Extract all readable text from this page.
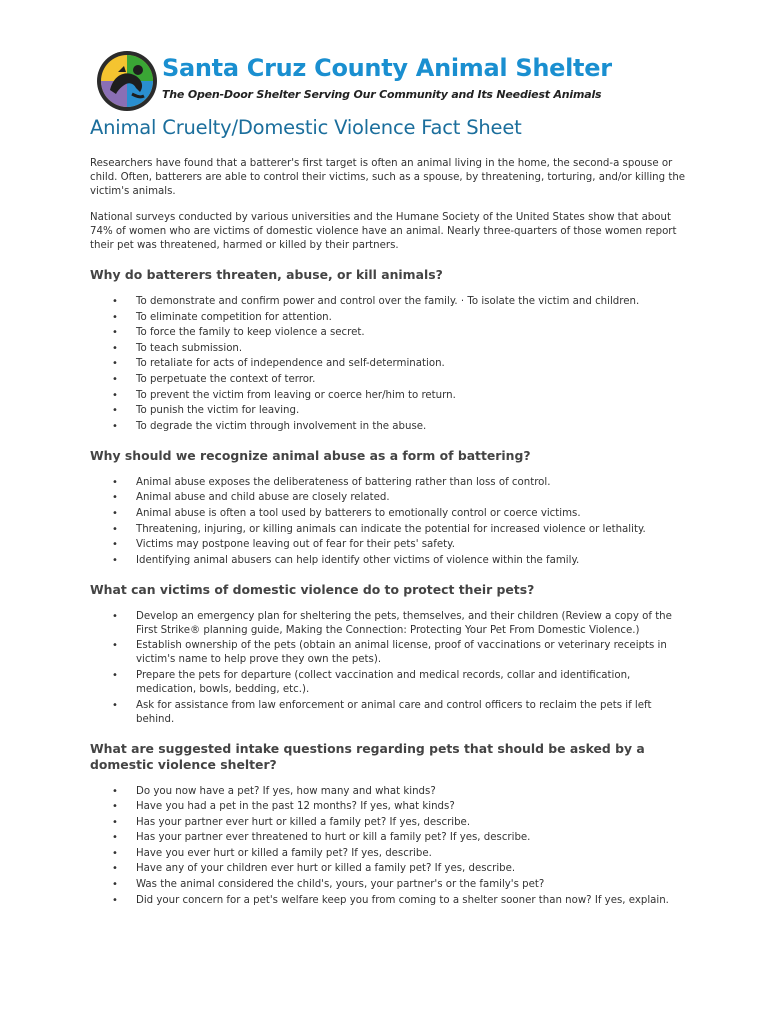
Santa Cruz County Animal Shelter
The Open-Door Shelter Serving Our Community and Its Neediest Animals
Animal Cruelty/Domestic Violence Fact Sheet

Researchers have found that a batterer's first target is often an animal living in the home, the second-a spouse or child. Often, batterers are able to control their victims, such as a spouse, by threatening, torturing, and/or killing the victim's animals.

National surveys conducted by various universities and the Humane Society of the United States show that about 74% of women who are victims of domestic violence have an animal. Nearly three-quarters of those women report their pet was threatened, harmed or killed by their partners.

Why do batterers threaten, abuse, or kill animals?
• To demonstrate and confirm power and control over the family. · To isolate the victim and children.
• To eliminate competition for attention.
• To force the family to keep violence a secret.
• To teach submission.
• To retaliate for acts of independence and self-determination.
• To perpetuate the context of terror.
• To prevent the victim from leaving or coerce her/him to return.
• To punish the victim for leaving.
• To degrade the victim through involvement in the abuse.
Why should we recognize animal abuse as a form of battering?
• Animal abuse exposes the deliberateness of battering rather than loss of control.
• Animal abuse and child abuse are closely related.
• Animal abuse is often a tool used by batterers to emotionally control or coerce victims.
• Threatening, injuring, or killing animals can indicate the potential for increased violence or lethality.
• Victims may postpone leaving out of fear for their pets' safety.
• Identifying animal abusers can help identify other victims of violence within the family.
What can victims of domestic violence do to protect their pets?
• Develop an emergency plan for sheltering the pets, themselves, and their children (Review a copy of the First Strike® planning guide, Making the Connection: Protecting Your Pet From Domestic Violence.)
• Establish ownership of the pets (obtain an animal license, proof of vaccinations or veterinary receipts in victim's name to help prove they own the pets).
• Prepare the pets for departure (collect vaccination and medical records, collar and identification, medication, bowls, bedding, etc.).
• Ask for assistance from law enforcement or animal care and control officers to reclaim the pets if left behind.
What are suggested intake questions regarding pets that should be asked by a domestic violence shelter?
• Do you now have a pet? If yes, how many and what kinds?
• Have you had a pet in the past 12 months? If yes, what kinds?
• Has your partner ever hurt or killed a family pet? If yes, describe.
• Has your partner ever threatened to hurt or kill a family pet? If yes, describe.
• Have you ever hurt or killed a family pet? If yes, describe.
• Have any of your children ever hurt or killed a family pet? If yes, describe.
• Was the animal considered the child's, yours, your partner's or the family's pet?
• Did your concern for a pet's welfare keep you from coming to a shelter sooner than now? If yes, explain.
